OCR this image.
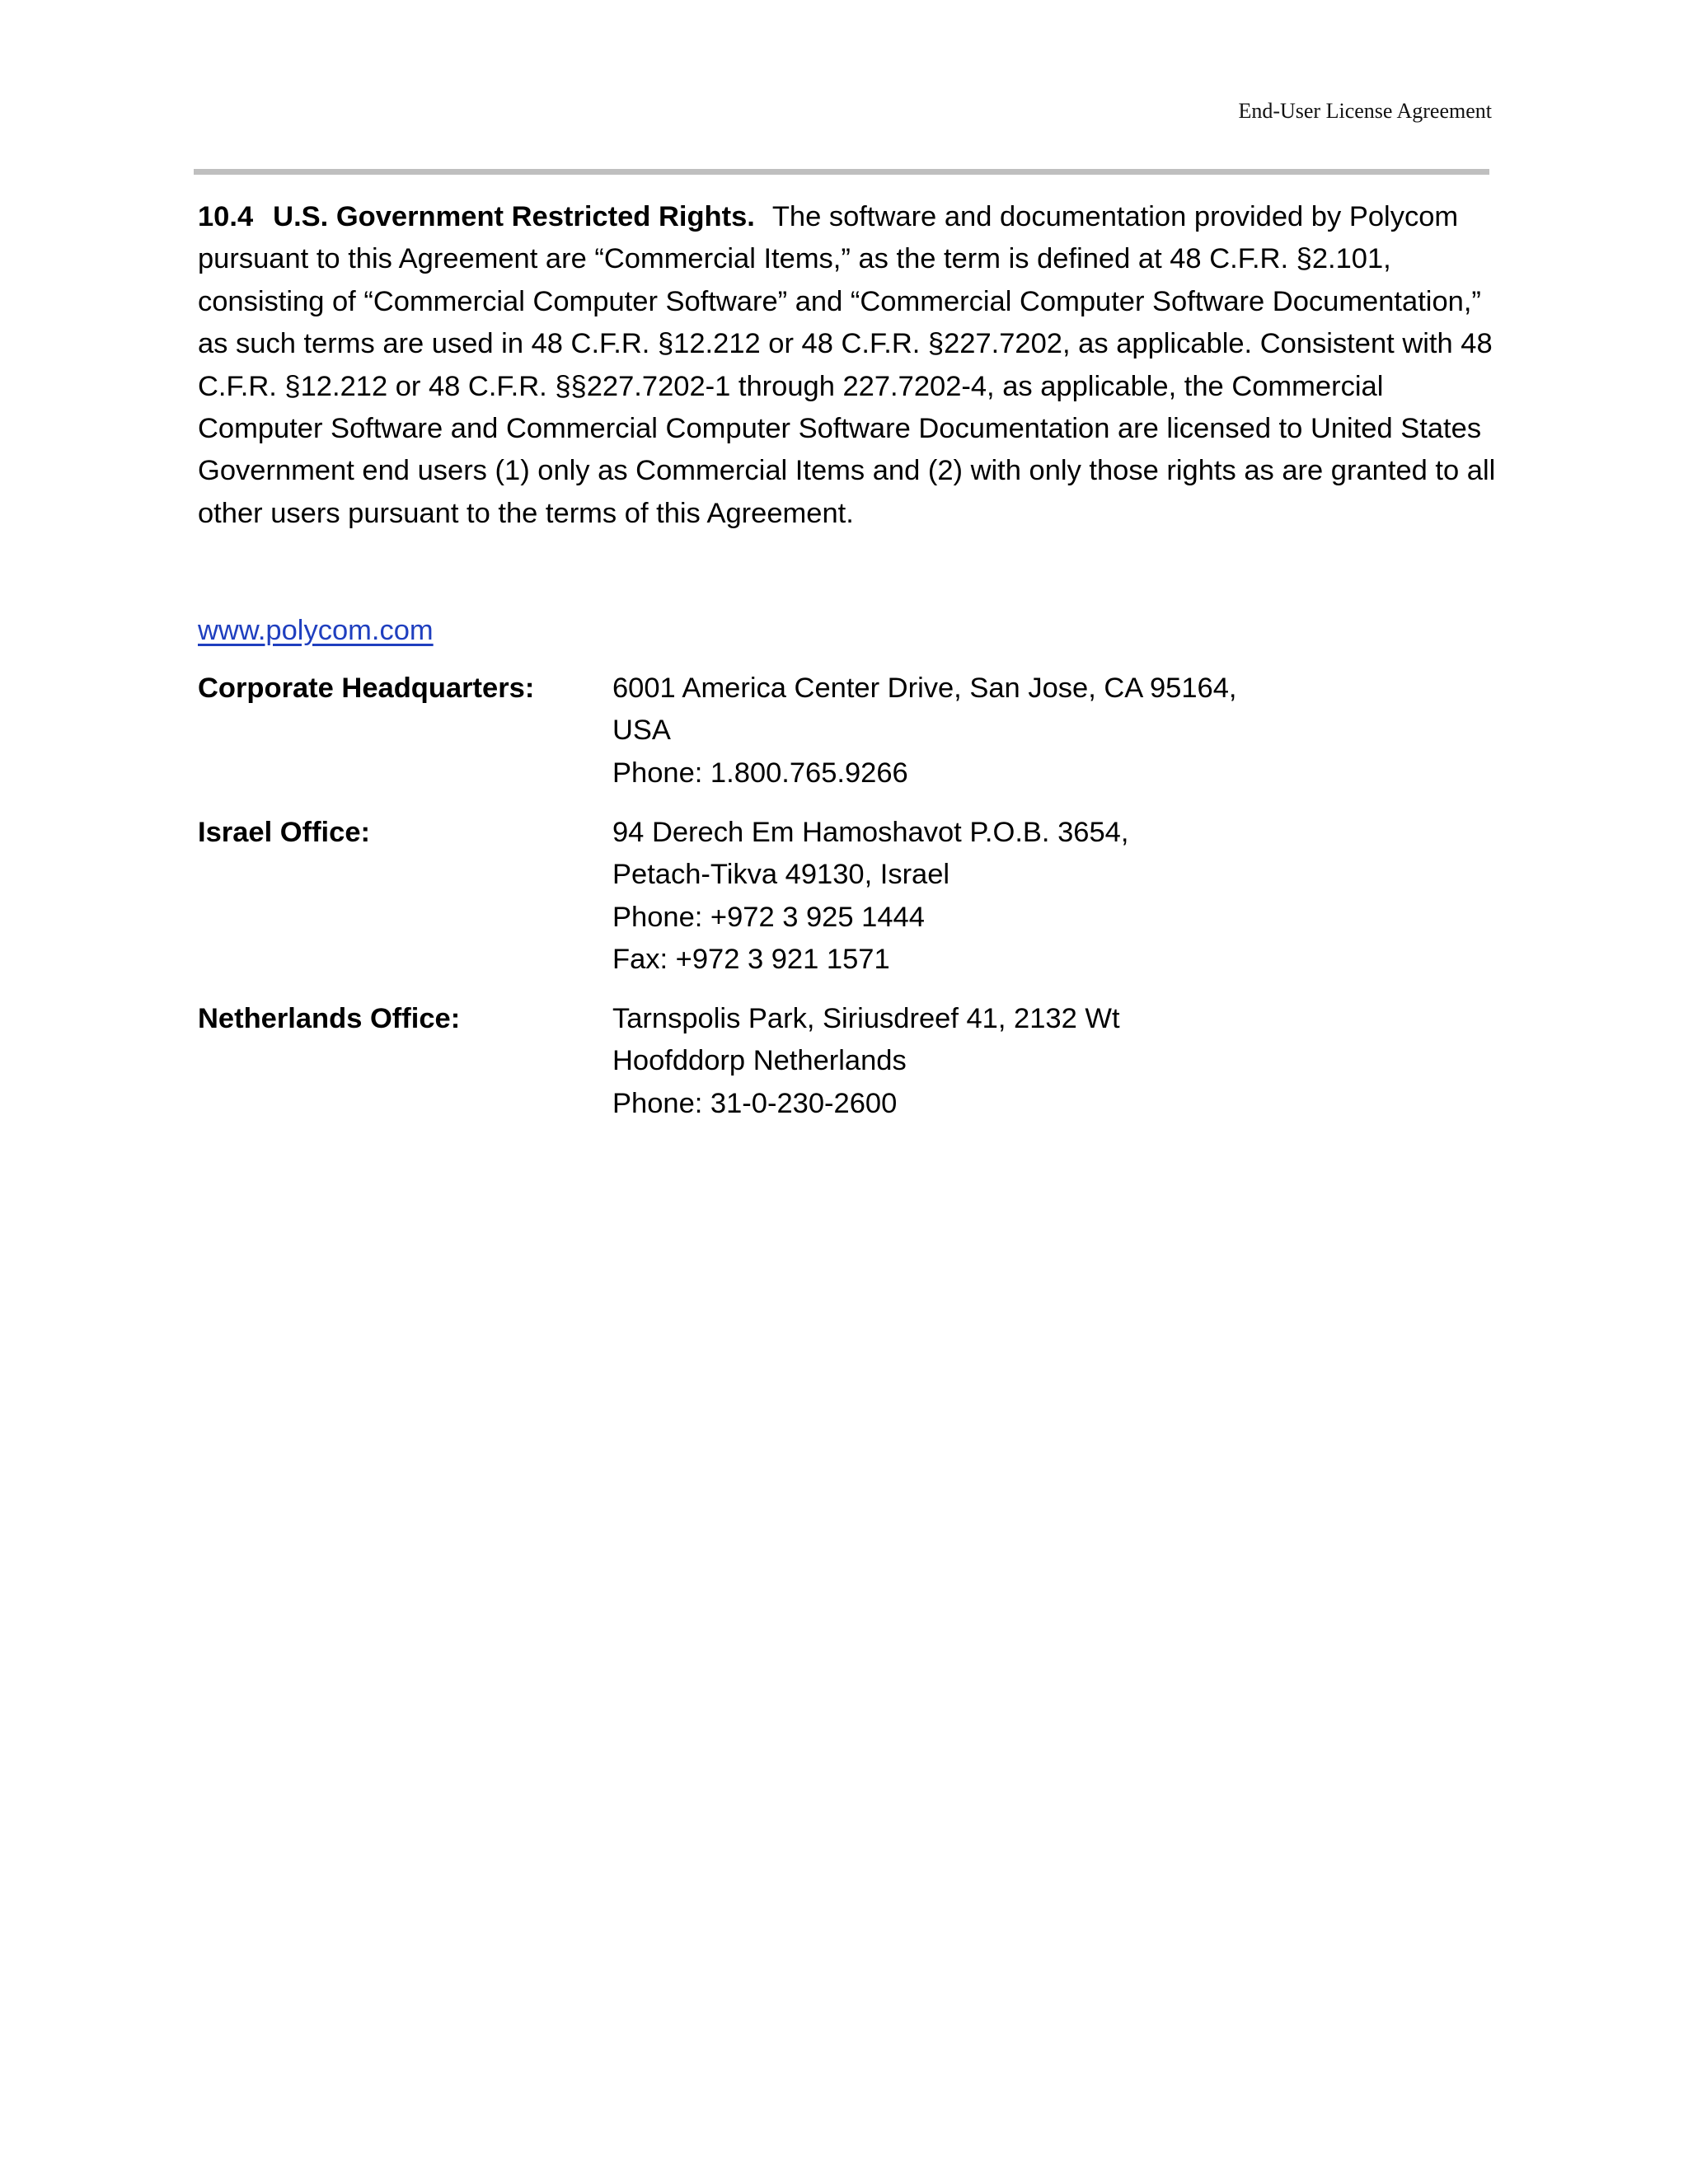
End-User License Agreement

10.4 U.S. Government Restricted Rights. The software and documentation provided by Polycom pursuant to this Agreement are “Commercial Items,” as the term is defined at 48 C.F.R. §2.101, consisting of “Commercial Computer Software” and “Commercial Computer Software Documentation,” as such terms are used in 48 C.F.R. §12.212 or 48 C.F.R. §227.7202, as applicable. Consistent with 48 C.F.R. §12.212 or 48 C.F.R. §§227.7202-1 through 227.7202-4, as applicable, the Commercial Computer Software and Commercial Computer Software Documentation are licensed to United States Government end users (1) only as Commercial Items and (2) with only those rights as are granted to all other users pursuant to the terms of this Agreement.

www.polycom.com
Corporate Headquarters:	6001 America Center Drive, San Jose, CA 95164,
USA
Phone: 1.800.765.9266
Israel Office:	94 Derech Em Hamoshavot P.O.B. 3654,
Petach-Tikva 49130, Israel
Phone: +972 3 925 1444
Fax: +972 3 921 1571
Netherlands Office:	Tarnspolis Park, Siriusdreef 41, 2132 Wt
Hoofddorp Netherlands
Phone: 31-0-230-2600
